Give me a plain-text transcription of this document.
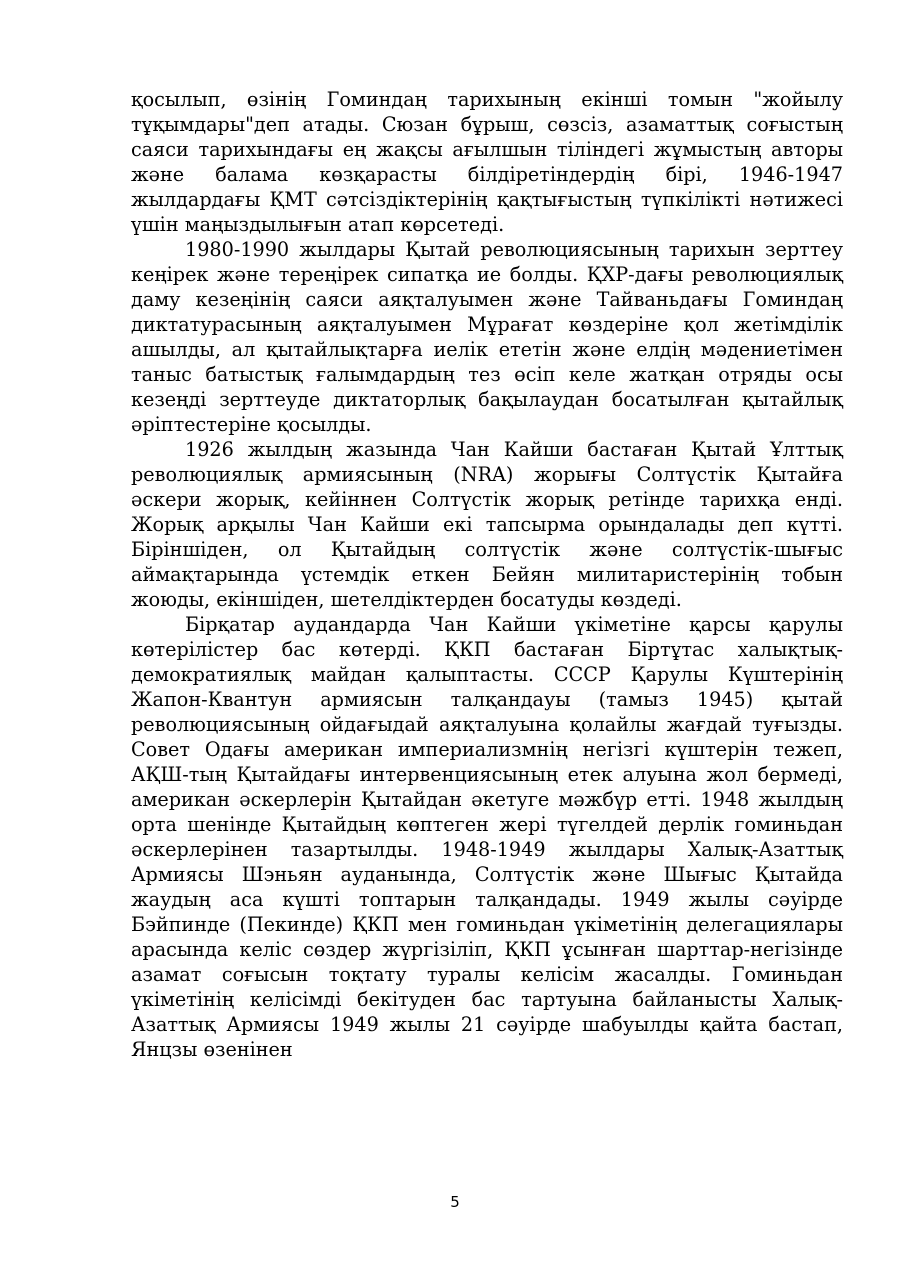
қосылып, өзінің Гоминдаң тарихының екінші томын "жойылу тұқымдары"деп атады. Сюзан бұрыш, сөзсіз, азаматтық соғыстың саяси тарихындағы ең жақсы ағылшын тіліндегі жұмыстың авторы және балама көзқарасты білдіретіндердің бірі, 1946-1947 жылдардағы ҚМТ сәтсіздіктерінің қақтығыстың түпкілікті нәтижесі үшін маңыздылығын атап көрсетеді.

1980-1990 жылдары Қытай революциясының тарихын зерттеу кеңірек және тереңірек сипатқа ие болды. ҚХР-дағы революциялық даму кезеңінің саяси аяқталуымен және Тайваньдағы Гоминдаң диктатурасының аяқталуымен Мұрағат көздеріне қол жетімділік ашылды, ал қытайлықтарға иелік ететін және елдің мәдениетімен таныс батыстық ғалымдардың тез өсіп келе жатқан отряды осы кезеңді зерттеуде диктаторлық бақылаудан босатылған қытайлық әріптестеріне қосылды.

1926 жылдың жазында Чан Кайши бастаған Қытай Ұлттық революциялық армиясының (NRA) жорығы Солтүстік Қытайға әскери жорық, кейіннен Солтүстік жорық ретінде тарихқа енді. Жорық арқылы Чан Кайши екі тапсырма орындалады деп күтті. Біріншіден, ол Қытайдың солтүстік және солтүстік-шығыс аймақтарында үстемдік еткен Бейян милитаристерінің тобын жоюды, екіншіден, шетелдіктерден босатуды көздеді.

Бірқатар аудандарда Чан Кайши үкіметіне қарсы қарулы көтерілістер бас көтерді. ҚКП бастаған Біртұтас халықтық-демократиялық майдан қалыптасты. СССР Қарулы Күштерінің Жапон-Квантун армиясын талқандауы (тамыз 1945) қытай революциясының ойдағыдай аяқталуына қолайлы жағдай туғызды. Совет Одағы американ империализмнің негізгі күштерін тежеп, АҚШ-тың Қытайдағы интервенциясының етек алуына жол бермеді, американ әскерлерін Қытайдан әкетуге мәжбүр етті. 1948 жылдың орта шенінде Қытайдың көптеген жері түгелдей дерлік гоминьдан әскерлерінен тазартылды. 1948-1949 жылдары Халық-Азаттық Армиясы Шэньян ауданында, Солтүстік және Шығыс Қытайда жаудың аса күшті топтарын талқандады. 1949 жылы сәуірде Бэйпинде (Пекинде) ҚКП мен гоминьдан үкіметінің делегациялары арасында келіс сөздер жүргізіліп, ҚКП ұсынған шарттар-негізінде азамат соғысын тоқтату туралы келісім жасалды. Гоминьдан үкіметінің келісімді бекітуден бас тартуына байланысты Халық-Азаттық Армиясы 1949 жылы 21 сәуірде шабуылды қайта бастап, Янцзы өзенінен

5
